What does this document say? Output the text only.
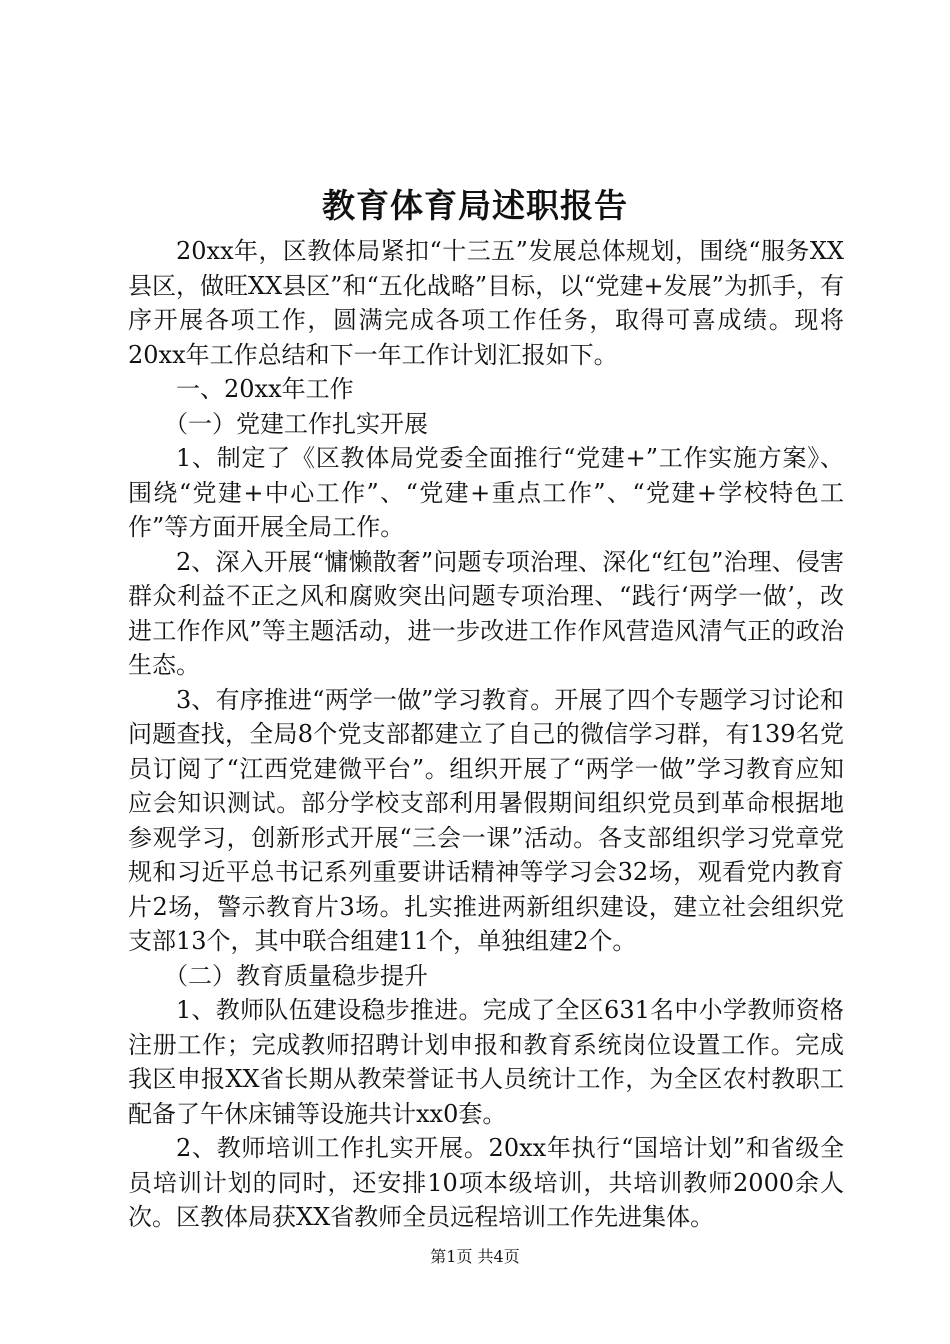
教育体育局述职报告

20xx年，区教体局紧扣“十三五”发展总体规划，围绕“服务XX县区，做旺XX县区”和“五化战略”目标，以“党建+发展”为抓手，有序开展各项工作，圆满完成各项工作任务，取得可喜成绩。现将20xx年工作总结和下一年工作计划汇报如下。

一、20xx年工作

（一）党建工作扎实开展

1、制定了《区教体局党委全面推行“党建+”工作实施方案》、围绕“党建+中心工作”、“党建+重点工作”、“党建+学校特色工作”等方面开展全局工作。

2、深入开展“慵懒散奢”问题专项治理、深化“红包”治理、侵害群众利益不正之风和腐败突出问题专项治理、“践行‘两学一做’，改进工作作风”等主题活动，进一步改进工作作风营造风清气正的政治生态。

3、有序推进“两学一做”学习教育。开展了四个专题学习讨论和问题查找，全局8个党支部都建立了自己的微信学习群，有139名党员订阅了“江西党建微平台”。组织开展了“两学一做”学习教育应知应会知识测试。部分学校支部利用暑假期间组织党员到革命根据地参观学习，创新形式开展“三会一课”活动。各支部组织学习党章党规和习近平总书记系列重要讲话精神等学习会32场，观看党内教育片2场，警示教育片3场。扎实推进两新组织建设，建立社会组织党支部13个，其中联合组建11个，单独组建2个。

（二）教育质量稳步提升

1、教师队伍建设稳步推进。完成了全区631名中小学教师资格注册工作；完成教师招聘计划申报和教育系统岗位设置工作。完成我区申报XX省长期从教荣誉证书人员统计工作，为全区农村教职工配备了午休床铺等设施共计xx0套。

2、教师培训工作扎实开展。20xx年执行“国培计划”和省级全员培训计划的同时，还安排10项本级培训，共培训教师2000余人次。区教体局获XX省教师全员远程培训工作先进集体。

第1页 共4页
